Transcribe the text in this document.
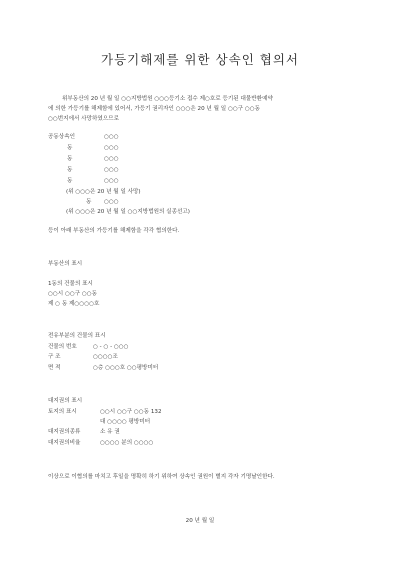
가등기해제를 위한 상속인 협의서
위부동산의 20 년 월 일 ○○지방법원 ○○○등기소 접수 제○호로 등기된 대물반환예약
에 의한 가등기를 해제함에 있어서, 가등기 권리자인 ○○○은 20 년 월 일 ○○구 ○○동
○○번지에서 사망하였으므로
공동상속인	○○○
동	○○○
동	○○○
동	○○○
동	○○○
(위 ○○○은 20 년 월 일 사망)
동 ○○○
(위 ○○○은 20 년 월 일 ○○지방법원의 실종선고)
등이 아래 부동산의 가등기를 해제함을 각각 협의한다.
부동산의 표시
1동의 건물의 표시
○○시 ○○구 ○○동
제 ○ 동 제○○○○호
전유부분의 건물의 표시
건물의 번호	○ - ○ - ○○○
구 조	○○○○조
면 적	○층 ○○○호 ○○평방미터
대지권의 표시
토지의 표시	○○시 ○○구 ○○동 132
대 ○○○○ 평방미터
대지권의종류	소 유 권
대지권의비율	○○○○ 분의 ○○○○
이상으로 이협의를 마치고 후일을 명확히 하기 위하여 상속인 권원이 별지 각자 기명날인한다.
20 년 월 일
